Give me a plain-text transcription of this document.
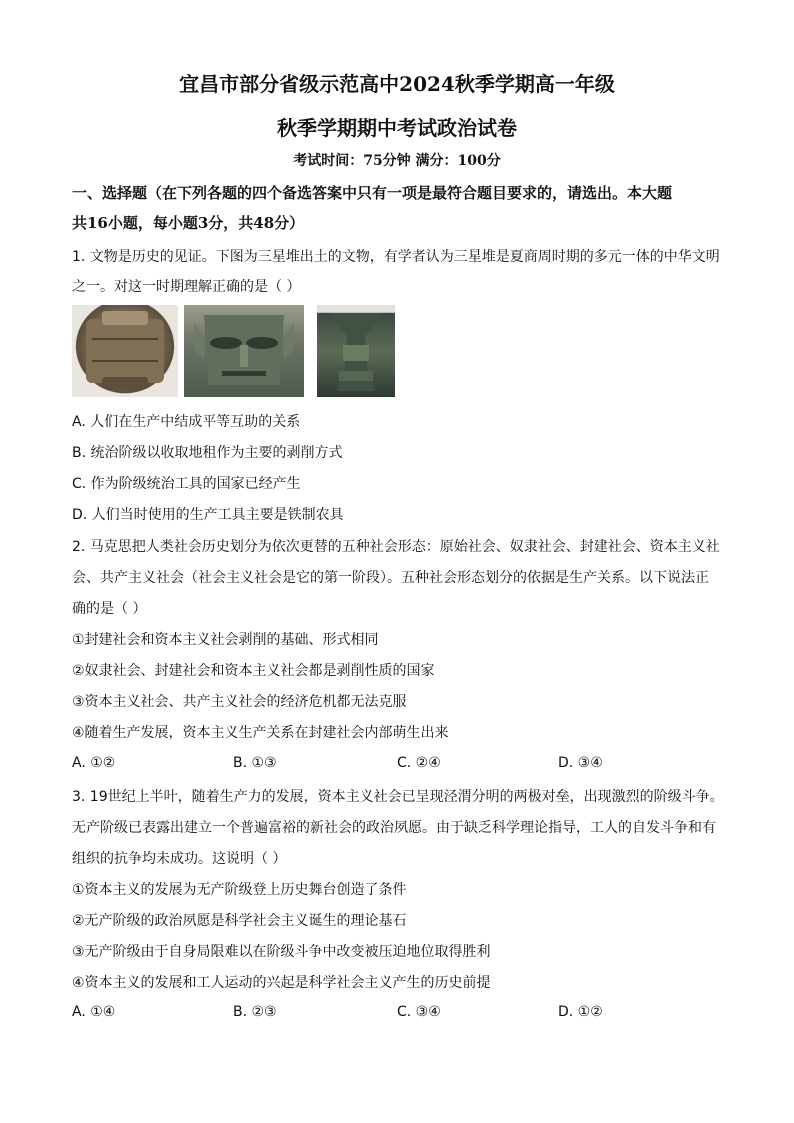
宜昌市部分省级示范高中2024秋季学期高一年级
秋季学期期中考试政治试卷
考试时间：75分钟 满分：100分
一、选择题（在下列各题的四个备选答案中只有一项是最符合题目要求的，请选出。本大题
共16小题，每小题3分，共48分）
1. 文物是历史的见证。下图为三星堆出土的文物，有学者认为三星堆是夏商周时期的多元一体的中华文明
之一。对这一时期理解正确的是（ ）
A. 人们在生产中结成平等互助的关系
B. 统治阶级以收取地租作为主要的剥削方式
C. 作为阶级统治工具的国家已经产生
D. 人们当时使用的生产工具主要是铁制农具
2. 马克思把人类社会历史划分为依次更替的五种社会形态：原始社会、奴隶社会、封建社会、资本主义社
会、共产主义社会（社会主义社会是它的第一阶段）。五种社会形态划分的依据是生产关系。以下说法正
确的是（ ）
①封建社会和资本主义社会剥削的基础、形式相同
②奴隶社会、封建社会和资本主义社会都是剥削性质的国家
③资本主义社会、共产主义社会的经济危机都无法克服
④随着生产发展，资本主义生产关系在封建社会内部萌生出来
A. ①②	B. ①③	C. ②④	D. ③④
3. 19世纪上半叶，随着生产力的发展，资本主义社会已呈现泾渭分明的两极对垒，出现激烈的阶级斗争。
无产阶级已表露出建立一个普遍富裕的新社会的政治夙愿。由于缺乏科学理论指导，工人的自发斗争和有
组织的抗争均未成功。这说明（ ）
①资本主义的发展为无产阶级登上历史舞台创造了条件
②无产阶级的政治夙愿是科学社会主义诞生的理论基石
③无产阶级由于自身局限难以在阶级斗争中改变被压迫地位取得胜利
④资本主义的发展和工人运动的兴起是科学社会主义产生的历史前提
A. ①④	B. ②③	C. ③④	D. ①②
